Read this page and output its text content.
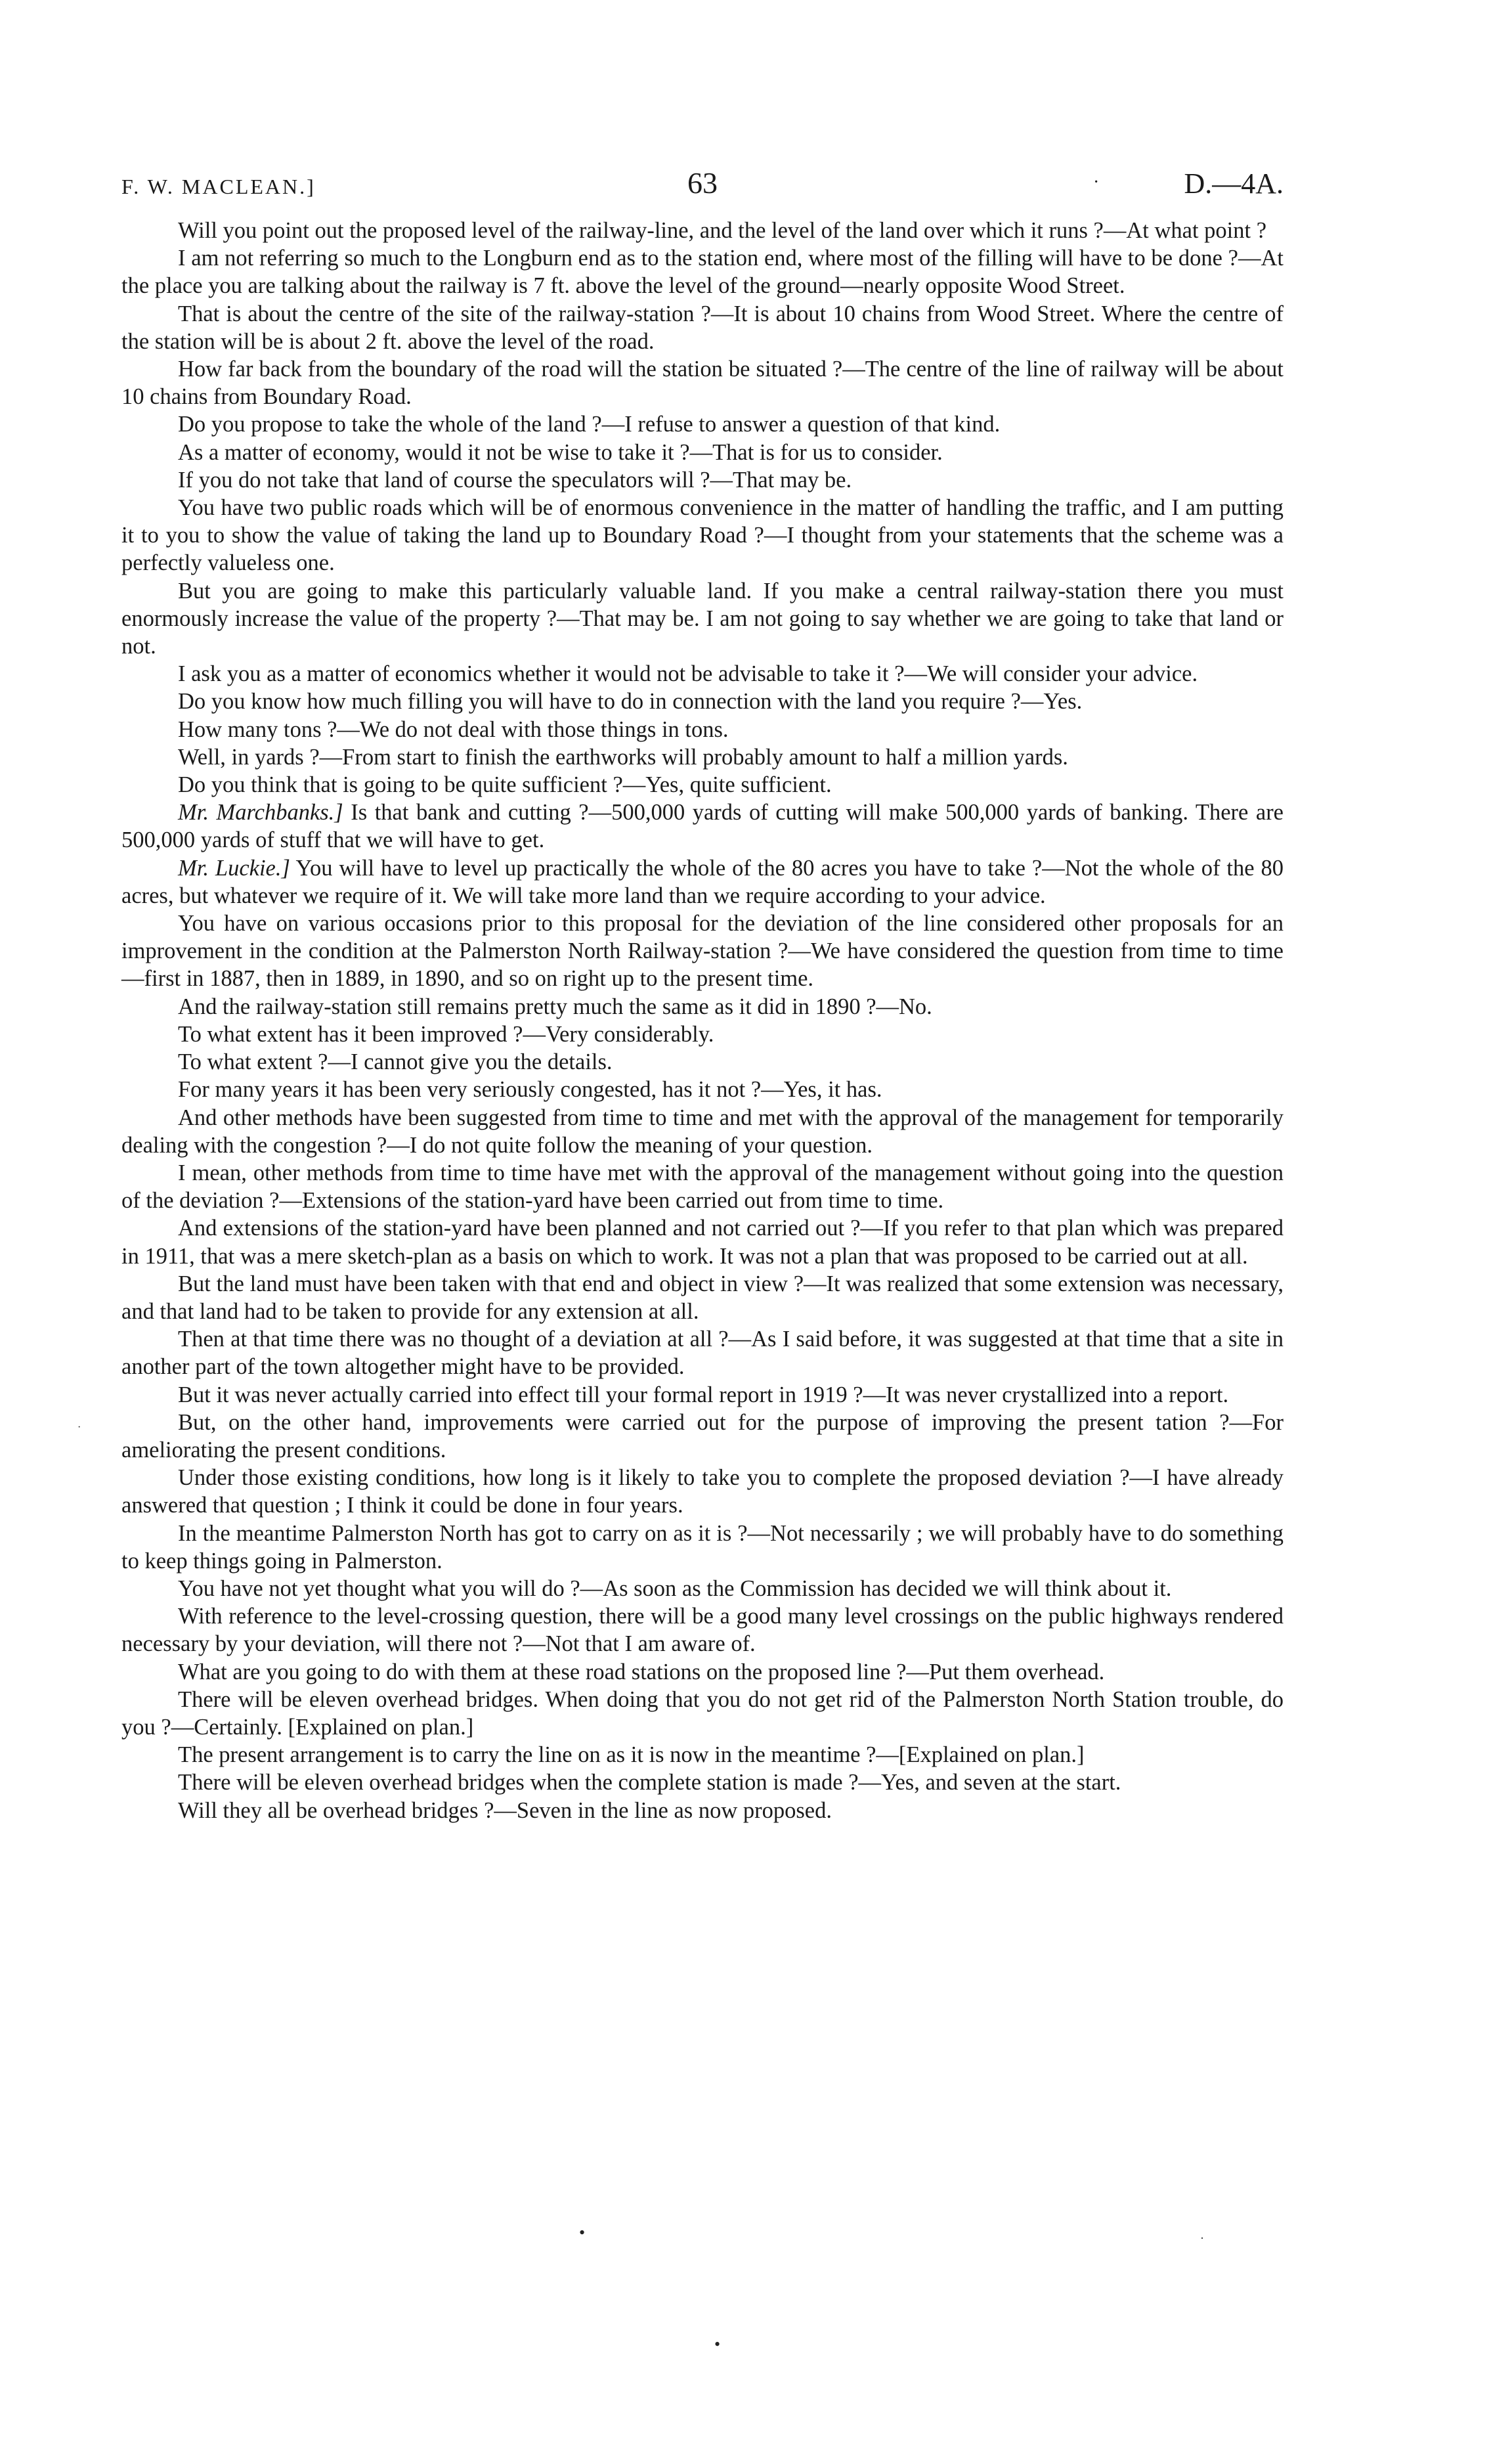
F. W. MACLEAN.]	63	·	D.—4A.

Will you point out the proposed level of the railway-line, and the level of the land over which it runs ?—At what point ?

I am not referring so much to the Longburn end as to the station end, where most of the filling will have to be done ?—At the place you are talking about the railway is 7 ft. above the level of the ground—nearly opposite Wood Street.

That is about the centre of the site of the railway-station ?—It is about 10 chains from Wood Street. Where the centre of the station will be is about 2 ft. above the level of the road.

How far back from the boundary of the road will the station be situated ?—The centre of the line of railway will be about 10 chains from Boundary Road.

Do you propose to take the whole of the land ?—I refuse to answer a question of that kind.

As a matter of economy, would it not be wise to take it ?—That is for us to consider.

If you do not take that land of course the speculators will ?—That may be.

You have two public roads which will be of enormous convenience in the matter of handling the traffic, and I am putting it to you to show the value of taking the land up to Boundary Road ?—I thought from your statements that the scheme was a perfectly valueless one.

But you are going to make this particularly valuable land. If you make a central railway-station there you must enormously increase the value of the property ?—That may be. I am not going to say whether we are going to take that land or not.

I ask you as a matter of economics whether it would not be advisable to take it ?—We will consider your advice.

Do you know how much filling you will have to do in connection with the land you require ?—Yes.

How many tons ?—We do not deal with those things in tons.

Well, in yards ?—From start to finish the earthworks will probably amount to half a million yards.

Do you think that is going to be quite sufficient ?—Yes, quite sufficient.

Mr. Marchbanks.] Is that bank and cutting ?—500,000 yards of cutting will make 500,000 yards of banking. There are 500,000 yards of stuff that we will have to get.

Mr. Luckie.] You will have to level up practically the whole of the 80 acres you have to take ?—Not the whole of the 80 acres, but whatever we require of it. We will take more land than we require according to your advice.

You have on various occasions prior to this proposal for the deviation of the line considered other proposals for an improvement in the condition at the Palmerston North Railway-station ?—We have considered the question from time to time—first in 1887, then in 1889, in 1890, and so on right up to the present time.

And the railway-station still remains pretty much the same as it did in 1890 ?—No.

To what extent has it been improved ?—Very considerably.

To what extent ?—I cannot give you the details.

For many years it has been very seriously congested, has it not ?—Yes, it has.

And other methods have been suggested from time to time and met with the approval of the management for temporarily dealing with the congestion ?—I do not quite follow the meaning of your question.

I mean, other methods from time to time have met with the approval of the management without going into the question of the deviation ?—Extensions of the station-yard have been carried out from time to time.

And extensions of the station-yard have been planned and not carried out ?—If you refer to that plan which was prepared in 1911, that was a mere sketch-plan as a basis on which to work. It was not a plan that was proposed to be carried out at all.

But the land must have been taken with that end and object in view ?—It was realized that some extension was necessary, and that land had to be taken to provide for any extension at all.

Then at that time there was no thought of a deviation at all ?—As I said before, it was suggested at that time that a site in another part of the town altogether might have to be provided.

But it was never actually carried into effect till your formal report in 1919 ?—It was never crystallized into a report.

But, on the other hand, improvements were carried out for the purpose of improving the present tation ?—For ameliorating the present conditions.

Under those existing conditions, how long is it likely to take you to complete the proposed deviation ?—I have already answered that question ; I think it could be done in four years.

In the meantime Palmerston North has got to carry on as it is ?—Not necessarily ; we will probably have to do something to keep things going in Palmerston.

You have not yet thought what you will do ?—As soon as the Commission has decided we will think about it.

With reference to the level-crossing question, there will be a good many level crossings on the public highways rendered necessary by your deviation, will there not ?—Not that I am aware of.

What are you going to do with them at these road stations on the proposed line ?—Put them overhead.

There will be eleven overhead bridges. When doing that you do not get rid of the Palmerston North Station trouble, do you ?—Certainly. [Explained on plan.]

The present arrangement is to carry the line on as it is now in the meantime ?—[Explained on plan.]

There will be eleven overhead bridges when the complete station is made ?—Yes, and seven at the start.

Will they all be overhead bridges ?—Seven in the line as now proposed.

•
•
·
·
